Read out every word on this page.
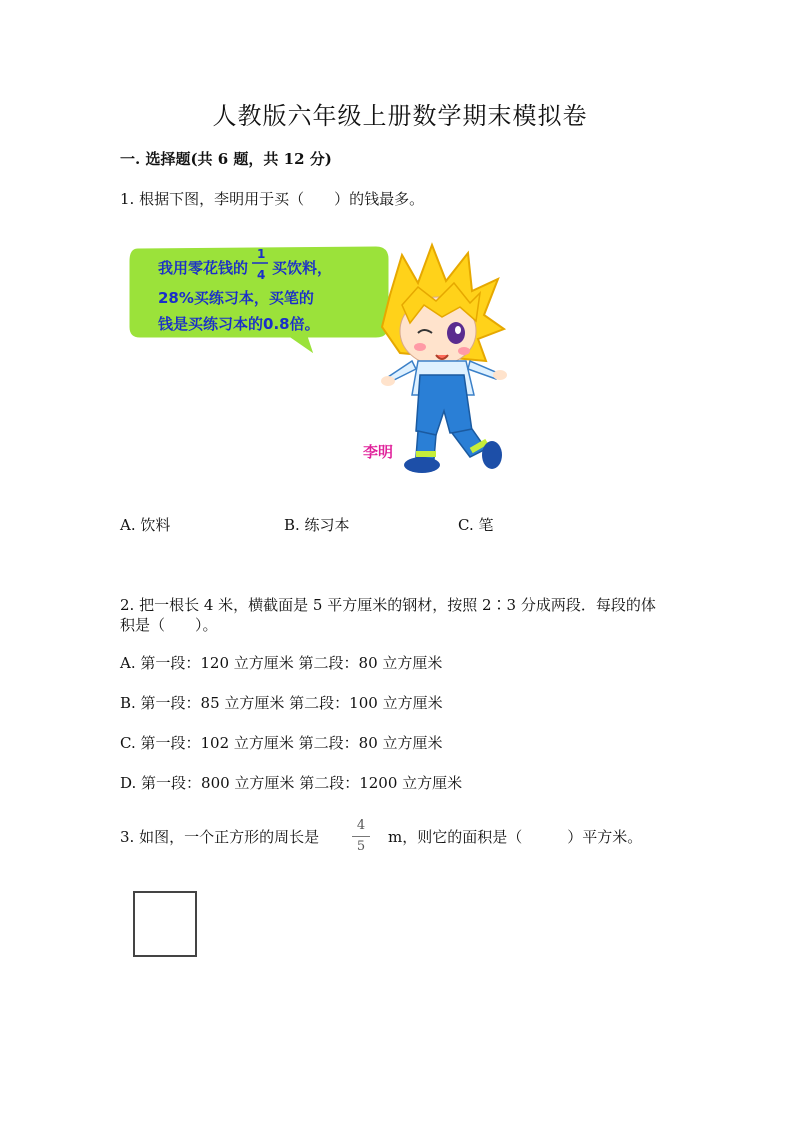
人教版六年级上册数学期末模拟卷
一. 选择题(共 6 题，共 12 分)
1. 根据下图，李明用于买（　　）的钱最多。
我用零花钱的
1
4 买饮料，
28%买练习本，买笔的
钱是买练习本的0.8倍。
李明
A. 饮料	B. 练习本	C. 笔
2. 把一根长 4 米，横截面是 5 平方厘米的钢材，按照 2∶3 分成两段．每段的体
积是（　　）。
A. 第一段：120 立方厘米 第二段：80 立方厘米
B. 第一段：85 立方厘米 第二段：100 立方厘米
C. 第一段：102 立方厘米 第二段：80 立方厘米
D. 第一段：800 立方厘米 第二段：1200 立方厘米
3. 如图，一个正方形的周长是
4
5
m，则它的面积是（　　　）平方米。
